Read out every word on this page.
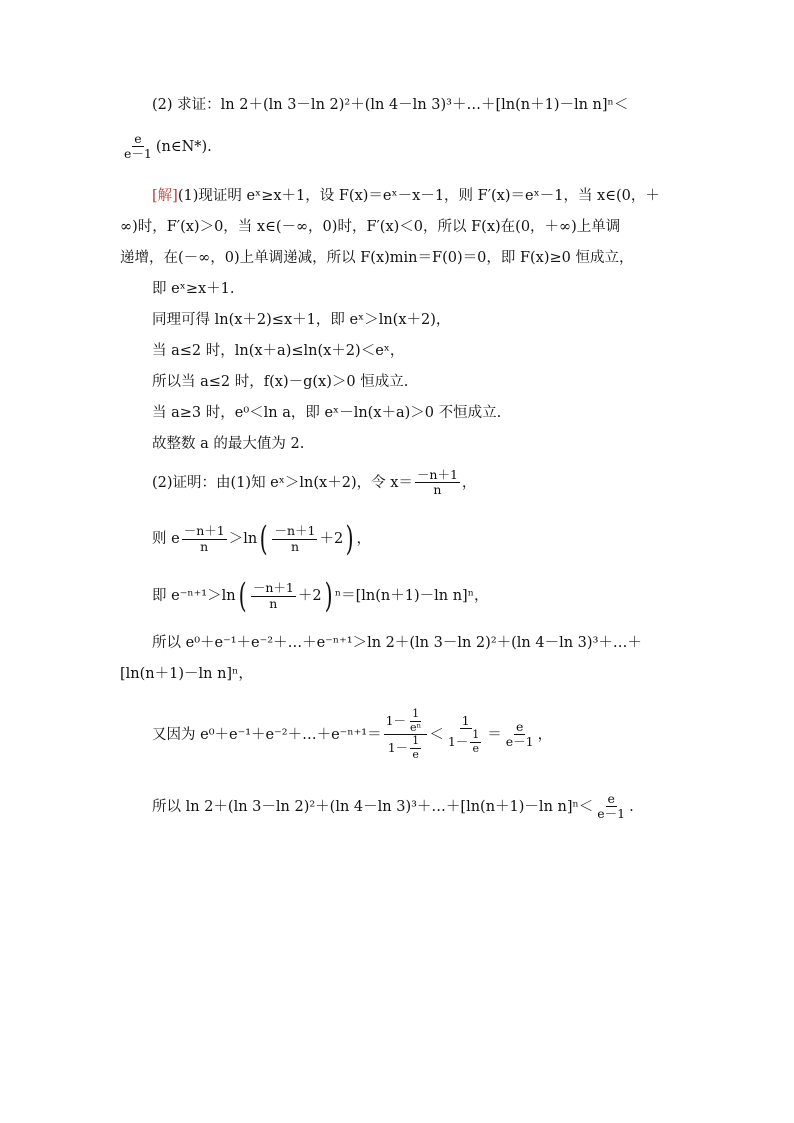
(2) 求证： ln 2＋(ln 3－ln 2)²＋(ln 4－ln 3)³＋…＋[ln(n＋1)－ln n]ⁿ＜
$\frac{e}{e-1}$ (n∈N*).
[解] (1)现证明 eˣ≥x＋1，设 F(x)＝eˣ－x－1，则 F′(x)＝eˣ－1，当 x∈(0，＋
∞)时，F′(x)＞0，当 x∈(－∞，0)时，F′(x)＜0，所以 F(x)在(0，＋∞)上单调
递增，在(－∞，0)上单调递减，所以 F(x)min＝F(0)＝0，即 F(x)≥0 恒成立，
即 eˣ≥x＋1.
同理可得 ln(x＋2)≤x＋1，即 eˣ＞ln(x＋2)，
当 a≤2 时，ln(x＋a)≤ln(x＋2)＜eˣ，
所以当 a≤2 时，f(x)－g(x)＞0 恒成立.
当 a≥3 时，e⁰＜ln a，即 eˣ－ln(x＋a)＞0 不恒成立.
故整数 a 的最大值为 2.
(2)证明：由(1)知 eˣ＞ln(x＋2)，令 $x= \frac{-n+1}{n}$ ，
则 e $\frac{-n+1}{n} >\ln$ ( $\frac{-n+1}{n} +2$ ) ，
即 e⁻ⁿ⁺¹＞ln ( $\frac{-n+1}{n} +2$ ) ⁿ＝[ln(n＋1)－ln n]ⁿ，
所以 e⁰＋e⁻¹＋e⁻²＋…＋e⁻ⁿ⁺¹＞ln 2＋(ln 3－ln 2)²＋(ln 4－ln 3)³＋…＋
[ln(n＋1)－ln n]ⁿ，
又因为 e⁰＋e⁻¹＋e⁻²＋…＋e⁻ⁿ⁺¹＝ $\frac{1- \frac{1}{\text{eⁿ}}}{1- \frac{1}{e}} < \frac{1}{1- \frac{1}{e}} = \frac{e}{e-1}$ ，
所以 ln 2＋(ln 3－ln 2)²＋(ln 4－ln 3)³＋…＋[ln(n＋1)－ln $n]^n< \frac{e}{e-1}$ .
